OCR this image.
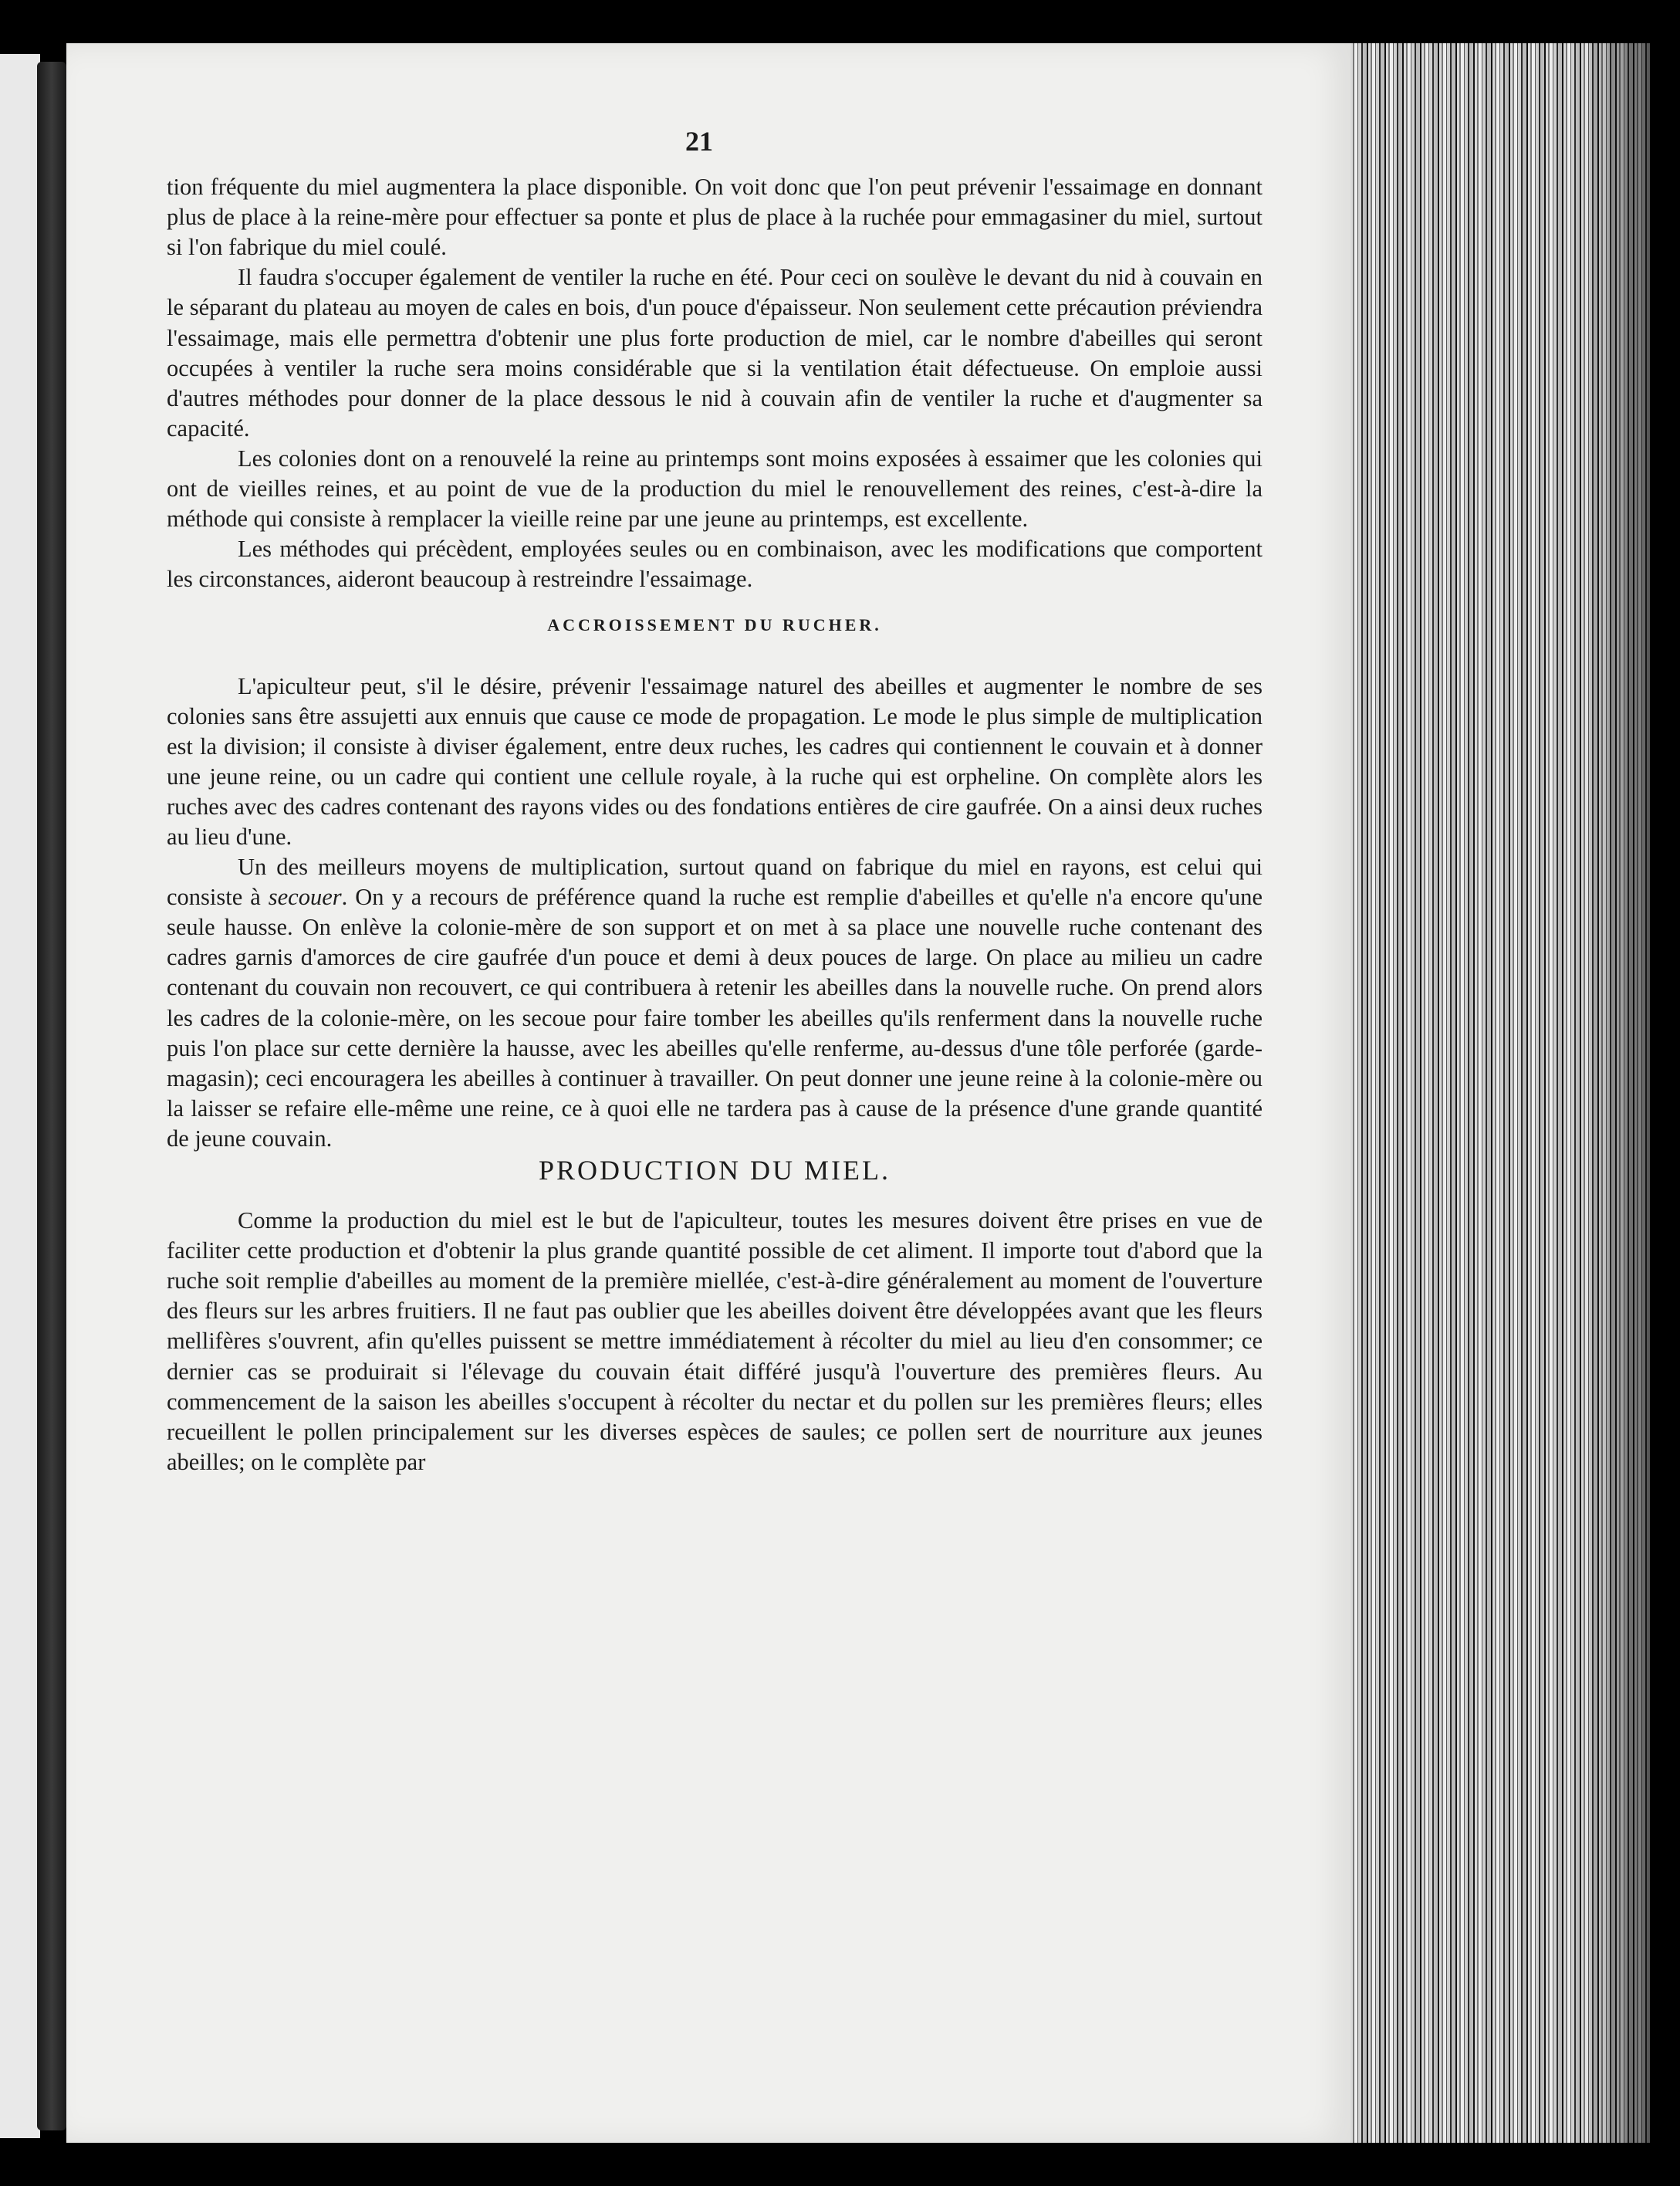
21

tion fréquente du miel augmentera la place disponible. On voit donc que l'on peut prévenir l'essaimage en donnant plus de place à la reine-mère pour effectuer sa ponte et plus de place à la ruchée pour emmagasiner du miel, surtout si l'on fabrique du miel coulé.

Il faudra s'occuper également de ventiler la ruche en été. Pour ceci on soulève le devant du nid à couvain en le séparant du plateau au moyen de cales en bois, d'un pouce d'épaisseur. Non seulement cette précaution préviendra l'essaimage, mais elle permettra d'obtenir une plus forte production de miel, car le nombre d'abeilles qui seront occupées à ventiler la ruche sera moins considérable que si la ventilation était défectueuse. On emploie aussi d'autres méthodes pour donner de la place dessous le nid à couvain afin de ventiler la ruche et d'augmenter sa capacité.

Les colonies dont on a renouvelé la reine au printemps sont moins exposées à essaimer que les colonies qui ont de vieilles reines, et au point de vue de la production du miel le renouvellement des reines, c'est-à-dire la méthode qui consiste à remplacer la vieille reine par une jeune au printemps, est excellente.

Les méthodes qui précèdent, employées seules ou en combinaison, avec les modifications que comportent les circonstances, aideront beaucoup à restreindre l'essaimage.

ACCROISSEMENT DU RUCHER.

L'apiculteur peut, s'il le désire, prévenir l'essaimage naturel des abeilles et augmenter le nombre de ses colonies sans être assujetti aux ennuis que cause ce mode de propagation. Le mode le plus simple de multiplication est la division; il consiste à diviser également, entre deux ruches, les cadres qui contiennent le couvain et à donner une jeune reine, ou un cadre qui contient une cellule royale, à la ruche qui est orpheline. On complète alors les ruches avec des cadres contenant des rayons vides ou des fondations entières de cire gaufrée. On a ainsi deux ruches au lieu d'une.

Un des meilleurs moyens de multiplication, surtout quand on fabrique du miel en rayons, est celui qui consiste à secouer. On y a recours de préférence quand la ruche est remplie d'abeilles et qu'elle n'a encore qu'une seule hausse. On enlève la colonie-mère de son support et on met à sa place une nouvelle ruche contenant des cadres garnis d'amorces de cire gaufrée d'un pouce et demi à deux pouces de large. On place au milieu un cadre contenant du couvain non recouvert, ce qui contribuera à retenir les abeilles dans la nouvelle ruche. On prend alors les cadres de la colonie-mère, on les secoue pour faire tomber les abeilles qu'ils renferment dans la nouvelle ruche puis l'on place sur cette dernière la hausse, avec les abeilles qu'elle renferme, au-dessus d'une tôle perforée (garde-magasin); ceci encouragera les abeilles à continuer à travailler. On peut donner une jeune reine à la colonie-mère ou la laisser se refaire elle-même une reine, ce à quoi elle ne tardera pas à cause de la présence d'une grande quantité de jeune couvain.

PRODUCTION DU MIEL.

Comme la production du miel est le but de l'apiculteur, toutes les mesures doivent être prises en vue de faciliter cette production et d'obtenir la plus grande quantité possible de cet aliment. Il importe tout d'abord que la ruche soit remplie d'abeilles au moment de la première miellée, c'est-à-dire généralement au moment de l'ouverture des fleurs sur les arbres fruitiers. Il ne faut pas oublier que les abeilles doivent être développées avant que les fleurs mellifères s'ouvrent, afin qu'elles puissent se mettre immédiatement à récolter du miel au lieu d'en consommer; ce dernier cas se produirait si l'élevage du couvain était différé jusqu'à l'ouverture des premières fleurs. Au commencement de la saison les abeilles s'occupent à récolter du nectar et du pollen sur les premières fleurs; elles recueillent le pollen principalement sur les diverses espèces de saules; ce pollen sert de nourriture aux jeunes abeilles; on le complète par
